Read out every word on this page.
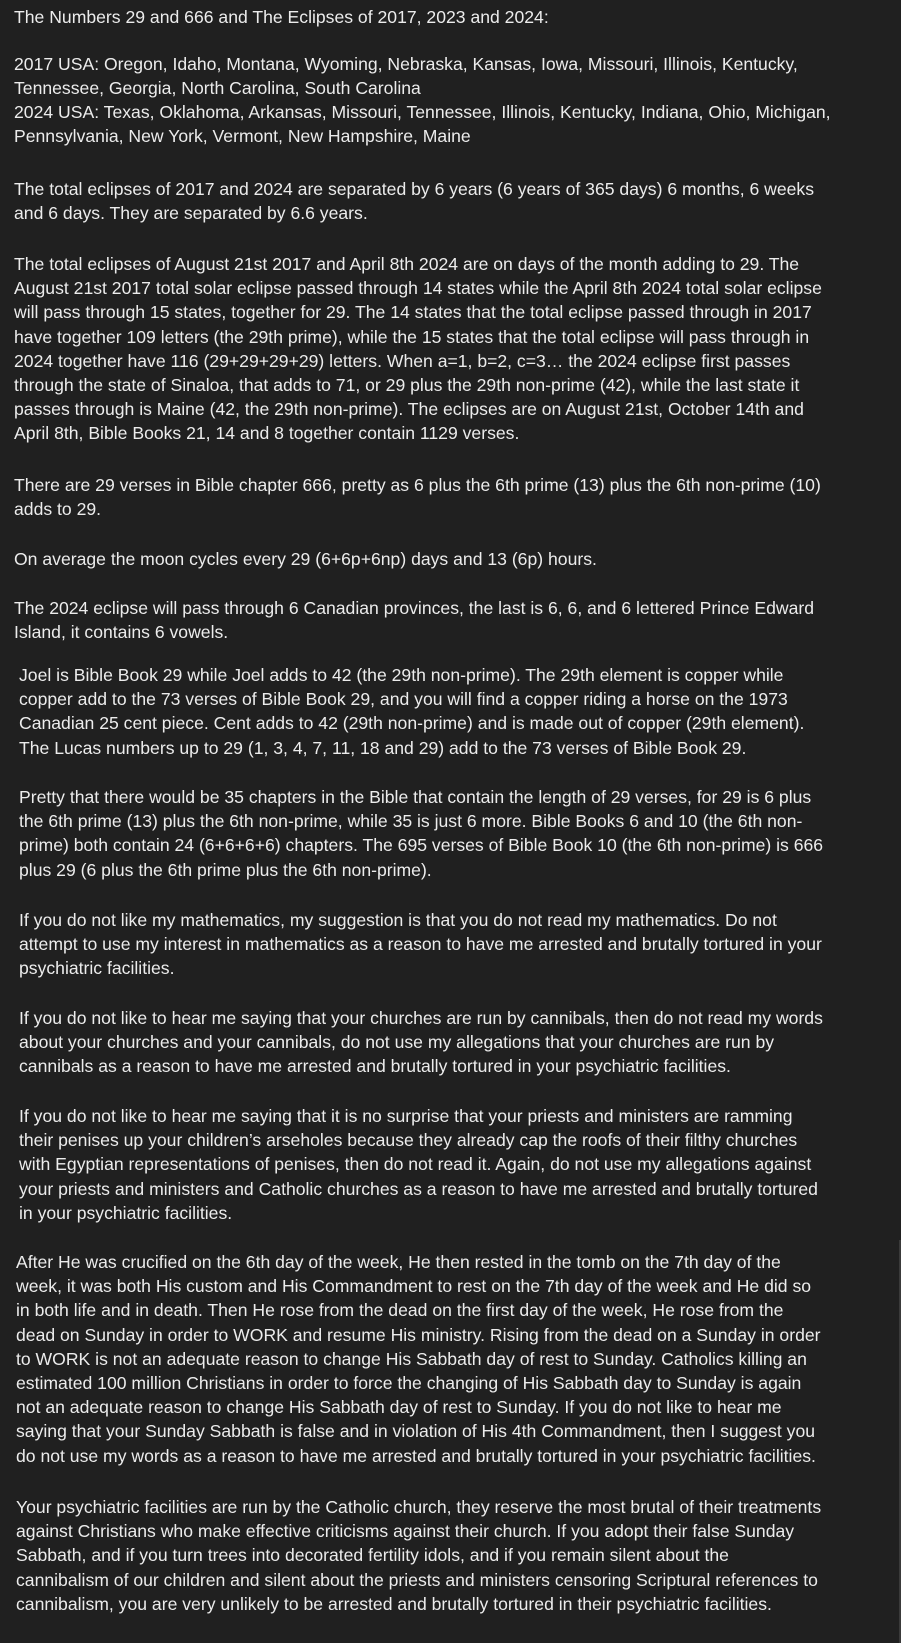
The Numbers 29 and 666 and The Eclipses of 2017, 2023 and 2024:

2017 USA: Oregon, Idaho, Montana, Wyoming, Nebraska, Kansas, Iowa, Missouri, Illinois, Kentucky,
Tennessee, Georgia, North Carolina, South Carolina

2024 USA: Texas, Oklahoma, Arkansas, Missouri, Tennessee, Illinois, Kentucky, Indiana, Ohio, Michigan,
Pennsylvania, New York, Vermont, New Hampshire, Maine

The total eclipses of 2017 and 2024 are separated by 6 years (6 years of 365 days) 6 months, 6 weeks
and 6 days. They are separated by 6.6 years.

The total eclipses of August 21st 2017 and April 8th 2024 are on days of the month adding to 29. The
August 21st 2017 total solar eclipse passed through 14 states while the April 8th 2024 total solar eclipse
will pass through 15 states, together for 29. The 14 states that the total eclipse passed through in 2017
have together 109 letters (the 29th prime), while the 15 states that the total eclipse will pass through in
2024 together have 116 (29+29+29+29) letters. When a=1, b=2, c=3… the 2024 eclipse first passes
through the state of Sinaloa, that adds to 71, or 29 plus the 29th non-prime (42), while the last state it
passes through is Maine (42, the 29th non-prime). The eclipses are on August 21st, October 14th and
April 8th, Bible Books 21, 14 and 8 together contain 1129 verses.

There are 29 verses in Bible chapter 666, pretty as 6 plus the 6th prime (13) plus the 6th non-prime (10)
adds to 29.

On average the moon cycles every 29 (6+6p+6np) days and 13 (6p) hours.

The 2024 eclipse will pass through 6 Canadian provinces, the last is 6, 6, and 6 lettered Prince Edward
Island, it contains 6 vowels.

Joel is Bible Book 29 while Joel adds to 42 (the 29th non-prime). The 29th element is copper while
copper add to the 73 verses of Bible Book 29, and you will find a copper riding a horse on the 1973
Canadian 25 cent piece. Cent adds to 42 (29th non-prime) and is made out of copper (29th element).
The Lucas numbers up to 29 (1, 3, 4, 7, 11, 18 and 29) add to the 73 verses of Bible Book 29.

Pretty that there would be 35 chapters in the Bible that contain the length of 29 verses, for 29 is 6 plus
the 6th prime (13) plus the 6th non-prime, while 35 is just 6 more. Bible Books 6 and 10 (the 6th non-
prime) both contain 24 (6+6+6+6) chapters. The 695 verses of Bible Book 10 (the 6th non-prime) is 666
plus 29 (6 plus the 6th prime plus the 6th non-prime).

If you do not like my mathematics, my suggestion is that you do not read my mathematics. Do not
attempt to use my interest in mathematics as a reason to have me arrested and brutally tortured in your
psychiatric facilities.

If you do not like to hear me saying that your churches are run by cannibals, then do not read my words
about your churches and your cannibals, do not use my allegations that your churches are run by
cannibals as a reason to have me arrested and brutally tortured in your psychiatric facilities.

If you do not like to hear me saying that it is no surprise that your priests and ministers are ramming
their penises up your children’s arseholes because they already cap the roofs of their filthy churches
with Egyptian representations of penises, then do not read it. Again, do not use my allegations against
your priests and ministers and Catholic churches as a reason to have me arrested and brutally tortured
in your psychiatric facilities.

After He was crucified on the 6th day of the week, He then rested in the tomb on the 7th day of the
week, it was both His custom and His Commandment to rest on the 7th day of the week and He did so
in both life and in death. Then He rose from the dead on the first day of the week, He rose from the
dead on Sunday in order to WORK and resume His ministry. Rising from the dead on a Sunday in order
to WORK is not an adequate reason to change His Sabbath day of rest to Sunday. Catholics killing an
estimated 100 million Christians in order to force the changing of His Sabbath day to Sunday is again
not an adequate reason to change His Sabbath day of rest to Sunday. If you do not like to hear me
saying that your Sunday Sabbath is false and in violation of His 4th Commandment, then I suggest you
do not use my words as a reason to have me arrested and brutally tortured in your psychiatric facilities.

Your psychiatric facilities are run by the Catholic church, they reserve the most brutal of their treatments
against Christians who make effective criticisms against their church. If you adopt their false Sunday
Sabbath, and if you turn trees into decorated fertility idols, and if you remain silent about the
cannibalism of our children and silent about the priests and ministers censoring Scriptural references to
cannibalism, you are very unlikely to be arrested and brutally tortured in their psychiatric facilities.
